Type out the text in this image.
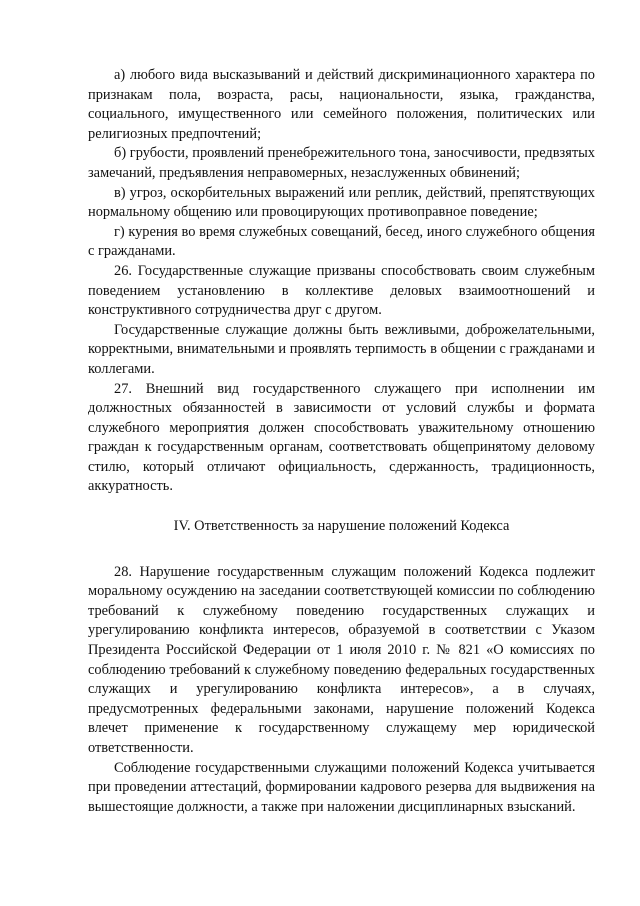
а) любого вида высказываний и действий дискриминационного характера по признакам пола, возраста, расы, национальности, языка, гражданства, социального, имущественного или семейного положения, политических или религиозных предпочтений;

б) грубости, проявлений пренебрежительного тона, заносчивости, предвзятых замечаний, предъявления неправомерных, незаслуженных обвинений;

в) угроз, оскорбительных выражений или реплик, действий, препятствующих нормальному общению или провоцирующих противоправное поведение;

г) курения во время служебных совещаний, бесед, иного служебного общения с гражданами.

26. Государственные служащие призваны способствовать своим служебным поведением установлению в коллективе деловых взаимоотношений и конструктивного сотрудничества друг с другом.

Государственные служащие должны быть вежливыми, доброжелательными, корректными, внимательными и проявлять терпимость в общении с гражданами и коллегами.

27. Внешний вид государственного служащего при исполнении им должностных обязанностей в зависимости от условий службы и формата служебного мероприятия должен способствовать уважительному отношению граждан к государственным органам, соответствовать общепринятому деловому стилю, который отличают официальность, сдержанность, традиционность, аккуратность.

IV. Ответственность за нарушение положений Кодекса

28. Нарушение государственным служащим положений Кодекса подлежит моральному осуждению на заседании соответствующей комиссии по соблюдению требований к служебному поведению государственных служащих и урегулированию конфликта интересов, образуемой в соответствии с Указом Президента Российской Федерации от 1 июля 2010 г. № 821 «О комиссиях по соблюдению требований к служебному поведению федеральных государственных служащих и урегулированию конфликта интересов», а в случаях, предусмотренных федеральными законами, нарушение положений Кодекса влечет применение к государственному служащему мер юридической ответственности.

Соблюдение государственными служащими положений Кодекса учитывается при проведении аттестаций, формировании кадрового резерва для выдвижения на вышестоящие должности, а также при наложении дисциплинарных взысканий.
